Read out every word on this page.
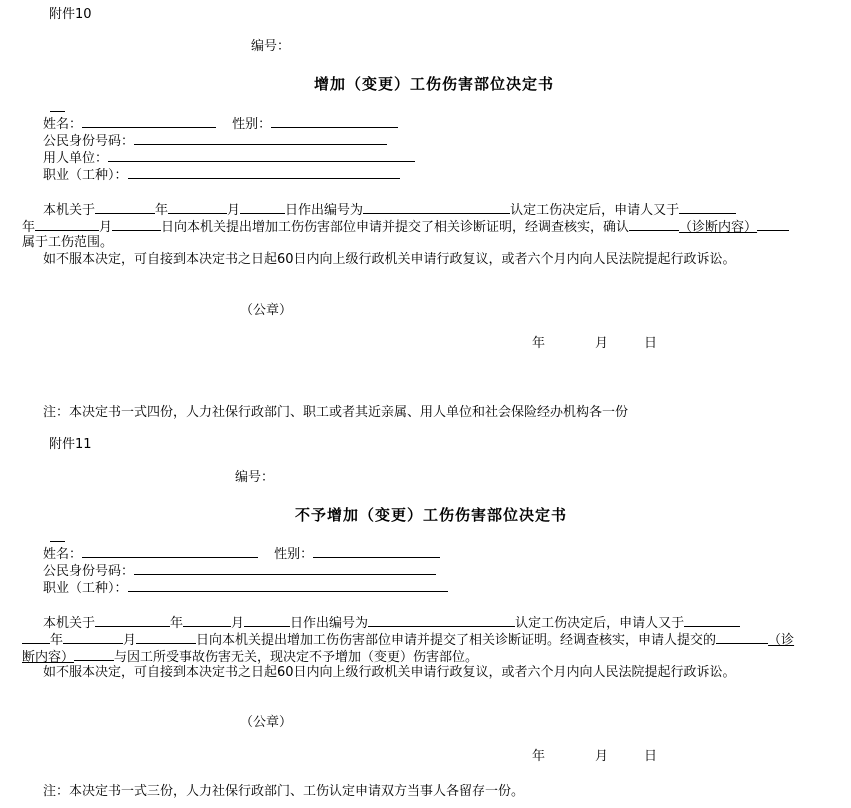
附件10
编号：
增加（变更）工伤伤害部位决定书
姓名：	性别：
公民身份号码：
用人单位：
职业（工种）：
本机关于	年	月	日作出编号为	认定工伤决定后，申请人又于
年	月	日向本机关提出增加工伤伤害部位申请并提交了相关诊断证明，经调查核实，确认	（诊断内容）
属于工伤范围。
如不服本决定，可自接到本决定书之日起60日内向上级行政机关申请行政复议，或者六个月内向人民法院提起行政诉讼。
（公章）
年	月	日
注：本决定书一式四份，人力社保行政部门、职工或者其近亲属、用人单位和社会保险经办机构各一份
附件11
编号：
不予增加（变更）工伤伤害部位决定书
姓名：	性别：
公民身份号码：
职业（工种）：
本机关于	年	月	日作出编号为	认定工伤决定后，申请人又于
年	月	日向本机关提出增加工伤伤害部位申请并提交了相关诊断证明。经调查核实，申请人提交的	（诊
断内容）	与因工所受事故伤害无关，现决定不予增加（变更）伤害部位。
如不服本决定，可自接到本决定书之日起60日内向上级行政机关申请行政复议，或者六个月内向人民法院提起行政诉讼。
（公章）
年	月	日
注：本决定书一式三份，人力社保行政部门、工伤认定申请双方当事人各留存一份。
